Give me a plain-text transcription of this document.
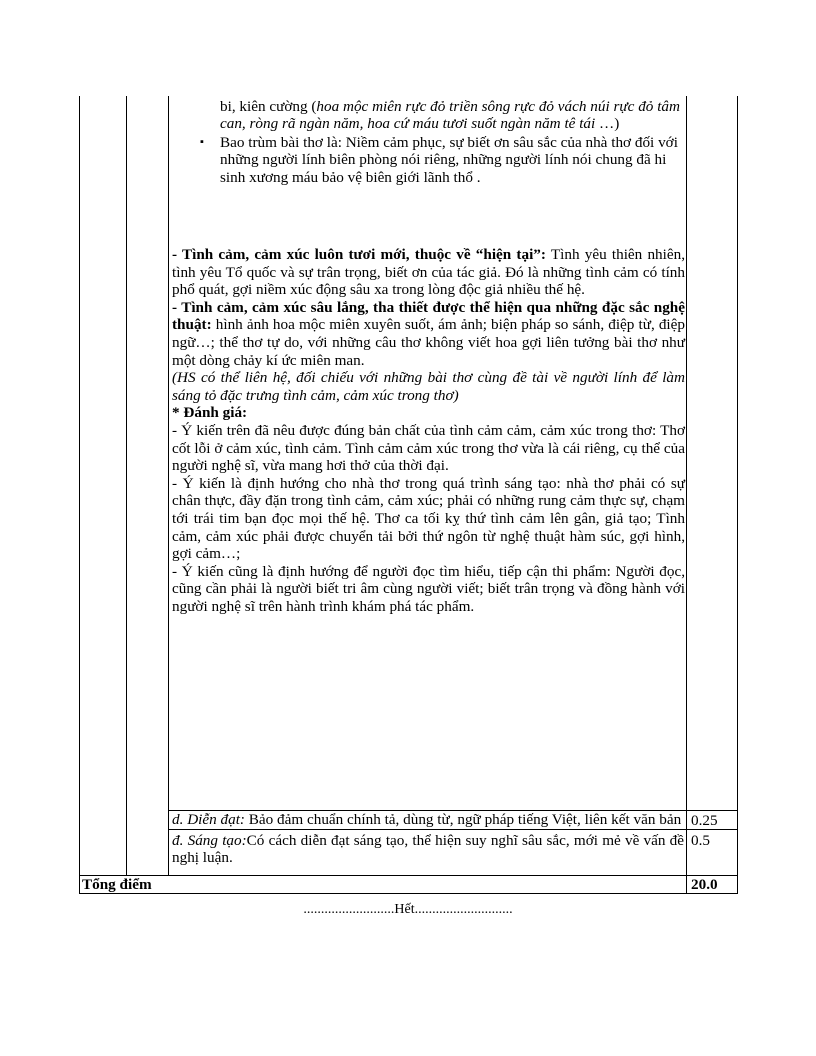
bi, kiên cường (hoa mộc miên rực đỏ triền sông rực đỏ vách núi rực đỏ tâm can, ròng rã ngàn năm, hoa cứ máu tươi suốt ngàn năm tê tái …)
▪ Bao trùm bài thơ là: Niềm cảm phục, sự biết ơn sâu sắc của nhà thơ đối với những người lính biên phòng nói riêng, những người lính nói chung đã hi sinh xương máu bảo vệ biên giới lãnh thổ .

- Tình cảm, cảm xúc luôn tươi mới, thuộc về “hiện tại”: Tình yêu thiên nhiên, tình yêu Tổ quốc và sự trân trọng, biết ơn của tác giả. Đó là những tình cảm có tính phổ quát, gợi niềm xúc động sâu xa trong lòng độc giả nhiều thế hệ.

- Tình cảm, cảm xúc sâu lắng, tha thiết được thể hiện qua những đặc sắc nghệ thuật: hình ảnh hoa mộc miên xuyên suốt, ám ảnh; biện pháp so sánh, điệp từ, điệp ngữ…; thể thơ tự do, với những câu thơ không viết hoa gợi liên tưởng bài thơ như một dòng chảy kí ức miên man.

(HS có thể liên hệ, đối chiếu với những bài thơ cùng đề tài về người lính để làm sáng tỏ đặc trưng tình cảm, cảm xúc trong thơ)

* Đánh giá:

- Ý kiến trên đã nêu được đúng bản chất của tình cảm cảm, cảm xúc trong thơ: Thơ cốt lỗi ở cảm xúc, tình cảm. Tình cảm cảm xúc trong thơ vừa là cái riêng, cụ thể của người nghệ sĩ, vừa mang hơi thở của thời đại.

- Ý kiến là định hướng cho nhà thơ trong quá trình sáng tạo: nhà thơ phải có sự chân thực, đầy đặn trong tình cảm, cảm xúc; phải có những rung cảm thực sự, chạm tới trái tim bạn đọc mọi thế hệ. Thơ ca tối kỵ thứ tình cảm lên gân, giả tạo; Tình cảm, cảm xúc phải được chuyển tải bởi thứ ngôn từ nghệ thuật hàm súc, gợi hình, gợi cảm…;

- Ý kiến cũng là định hướng để người đọc tìm hiểu, tiếp cận thi phẩm: Người đọc, cũng cần phải là người biết tri âm cùng người viết; biết trân trọng và đồng hành với người nghệ sĩ trên hành trình khám phá tác phẩm.

d. Diễn đạt: Bảo đảm chuẩn chính tả, dùng từ, ngữ pháp tiếng Việt, liên kết văn bản 0.25
đ. Sáng tạo:Có cách diễn đạt sáng tạo, thể hiện suy nghĩ sâu sắc, mới mẻ về vấn đề nghị luận.
0.5
Tổng điểm	20.0
..........................Hết............................
